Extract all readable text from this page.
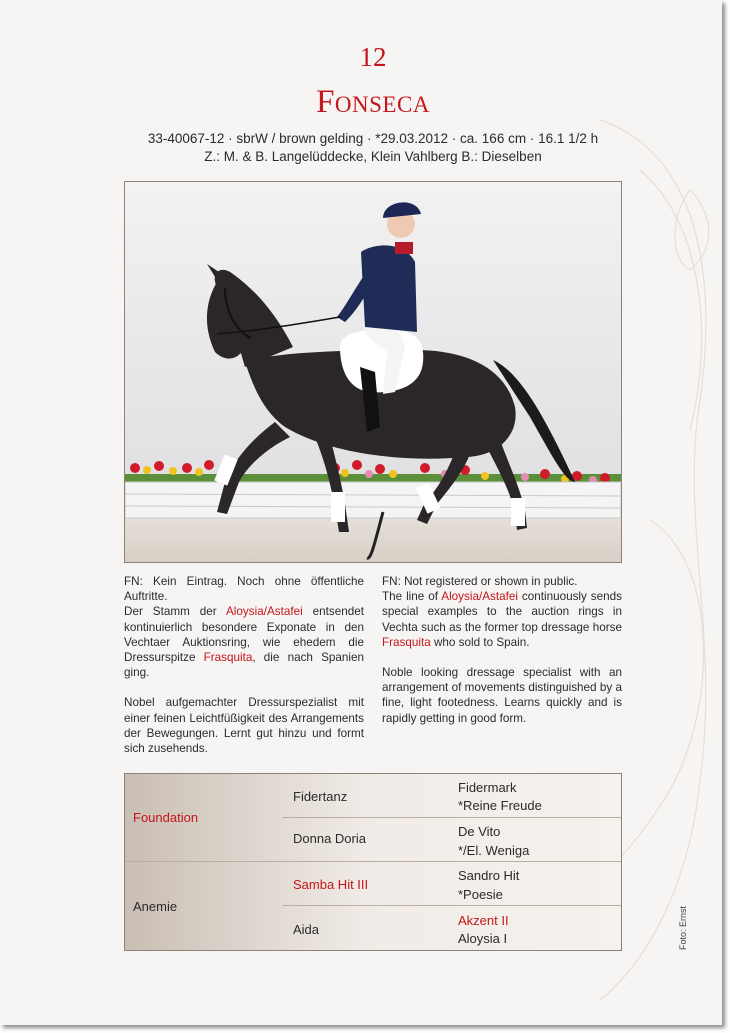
12
Fonseca
33-40067-12 · sbrW / brown gelding · *29.03.2012 · ca. 166 cm · 16.1 1/2 h
Z.: M. & B. Langelüddecke, Klein Vahlberg B.: Dieselben

FN: Kein Eintrag. Noch ohne öffentliche Auftritte.

Der Stamm der Aloysia/Astafei entsendet kontinuierlich besondere Exponate in den Vechtaer Auktionsring, wie ehedem die Dressurspitze Frasquita, die nach Spanien ging.

Nobel aufgemachter Dressurspezialist mit einer feinen Leichtfüßigkeit des Arrangements der Bewegungen. Lernt gut hinzu und formt sich zusehends.

FN: Not registered or shown in public.

The line of Aloysia/Astafei continuously sends special examples to the auction rings in Vechta such as the former top dressage horse Frasquita who sold to Spain.

Noble looking dressage specialist with an arrangement of movements distinguished by a fine, light footedness. Learns quickly and is rapidly getting in good form.

Foundation
Anemie
Fidertanz
Donna Doria
Samba Hit III
Aida
Fidermark
*Reine Freude
De Vito
*/El. Weniga
Sandro Hit
*Poesie
Akzent II
Aloysia I	Foto: Ernst
